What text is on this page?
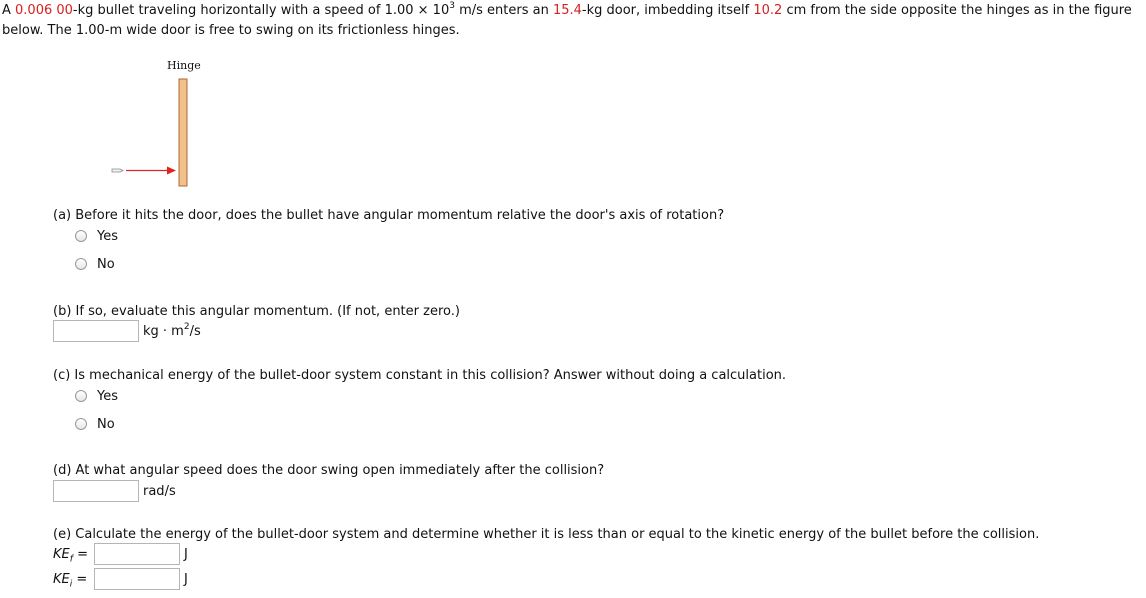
A 0.006 00-kg bullet traveling horizontally with a speed of $1.00 \times 10^3$ m/s enters an 15.4-kg door, imbedding itself 10.2 cm from the side opposite the hinges as in the figure
below. The 1.00-m wide door is free to swing on its frictionless hinges.
Hinge
(a) Before it hits the door, does the bullet have angular momentum relative the door's axis of rotation?
Yes
No
(b) If so, evaluate this angular momentum. (If not, enter zero.)
kg · $m^2/s$
(c) Is mechanical energy of the bullet-door system constant in this collision? Answer without doing a calculation.
Yes
No
(d) At what angular speed does the door swing open immediately after the collision?
rad/s
(e) Calculate the energy of the bullet-door system and determine whether it is less than or equal to the kinetic energy of the bullet before the collision.
$KE_f$ =	J
$KE_i$ =	J
